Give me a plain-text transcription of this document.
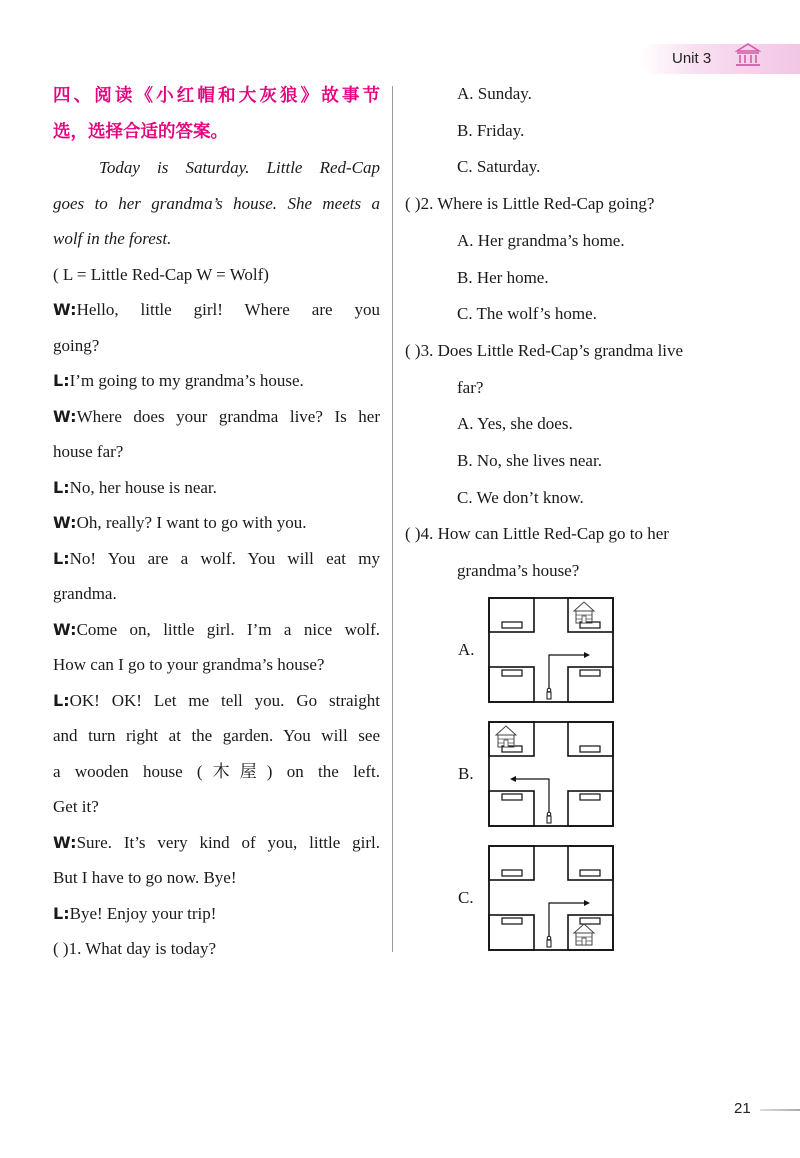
Unit 3

四、阅读《小红帽和大灰狼》故事节

选，选择合适的答案。

Today is Saturday. Little Red-Cap

goes to her grandma’s house. She meets a

wolf in the forest.

( L = Little Red-Cap W = Wolf)

W:Hello, little girl! Where are you

going?

L:I’m going to my grandma’s house.

W:Where does your grandma live? Is her

house far?

L:No, her house is near.

W:Oh, really? I want to go with you.

L:No! You are a wolf. You will eat my

grandma.

W:Come on, little girl. I’m a nice wolf.

How can I go to your grandma’s house?

L:OK! OK! Let me tell you. Go straight

and turn right at the garden. You will see

a wooden house (木屋) on the left.

Get it?

W:Sure. It’s very kind of you, little girl.

But I have to go now. Bye!

L:Bye! Enjoy your trip!

( )1. What day is today?

A. Sunday.

B. Friday.

C. Saturday.

( )2. Where is Little Red-Cap going?

A. Her grandma’s home.

B. Her home.

C. The wolf’s home.

( )3. Does Little Red-Cap’s grandma live

far?

A. Yes, she does.

B. No, she lives near.

C. We don’t know.

( )4. How can Little Red-Cap go to her

grandma’s house?

A.
B.
C.
21
